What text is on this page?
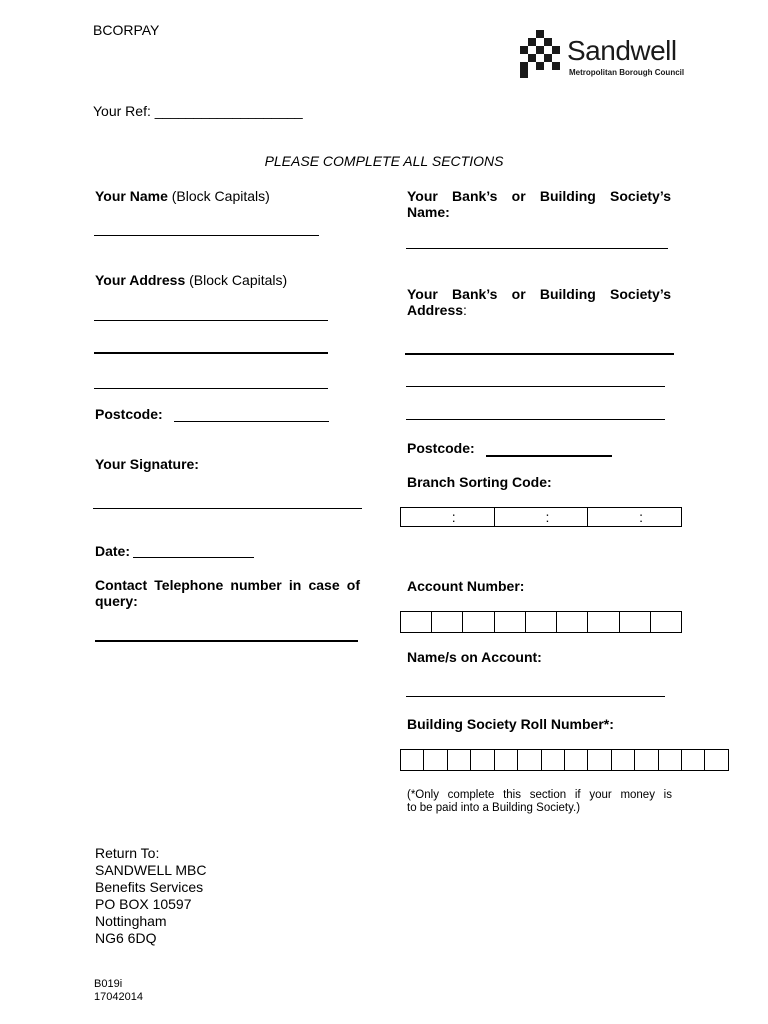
BCORPAY
Sandwell
Metropolitan Borough Council
Your Ref: ___________________
PLEASE COMPLETE ALL SECTIONS
Your Name (Block Capitals)
Your Address (Block Capitals)
Postcode:
Your Signature:
Date:
Contact Telephone number in case of query:
Your Bank’s or Building Society’s
Name:
Your Bank’s or Building Society’s
Address:
Postcode:
Branch Sorting Code:
:	:	:
Account Number:
Name/s on Account:
Building Society Roll Number*:
(*Only complete this section if your money is
to be paid into a Building Society.)
Return To:
SANDWELL MBC
Benefits Services
PO BOX 10597
Nottingham
NG6 6DQ
B019i
17042014
